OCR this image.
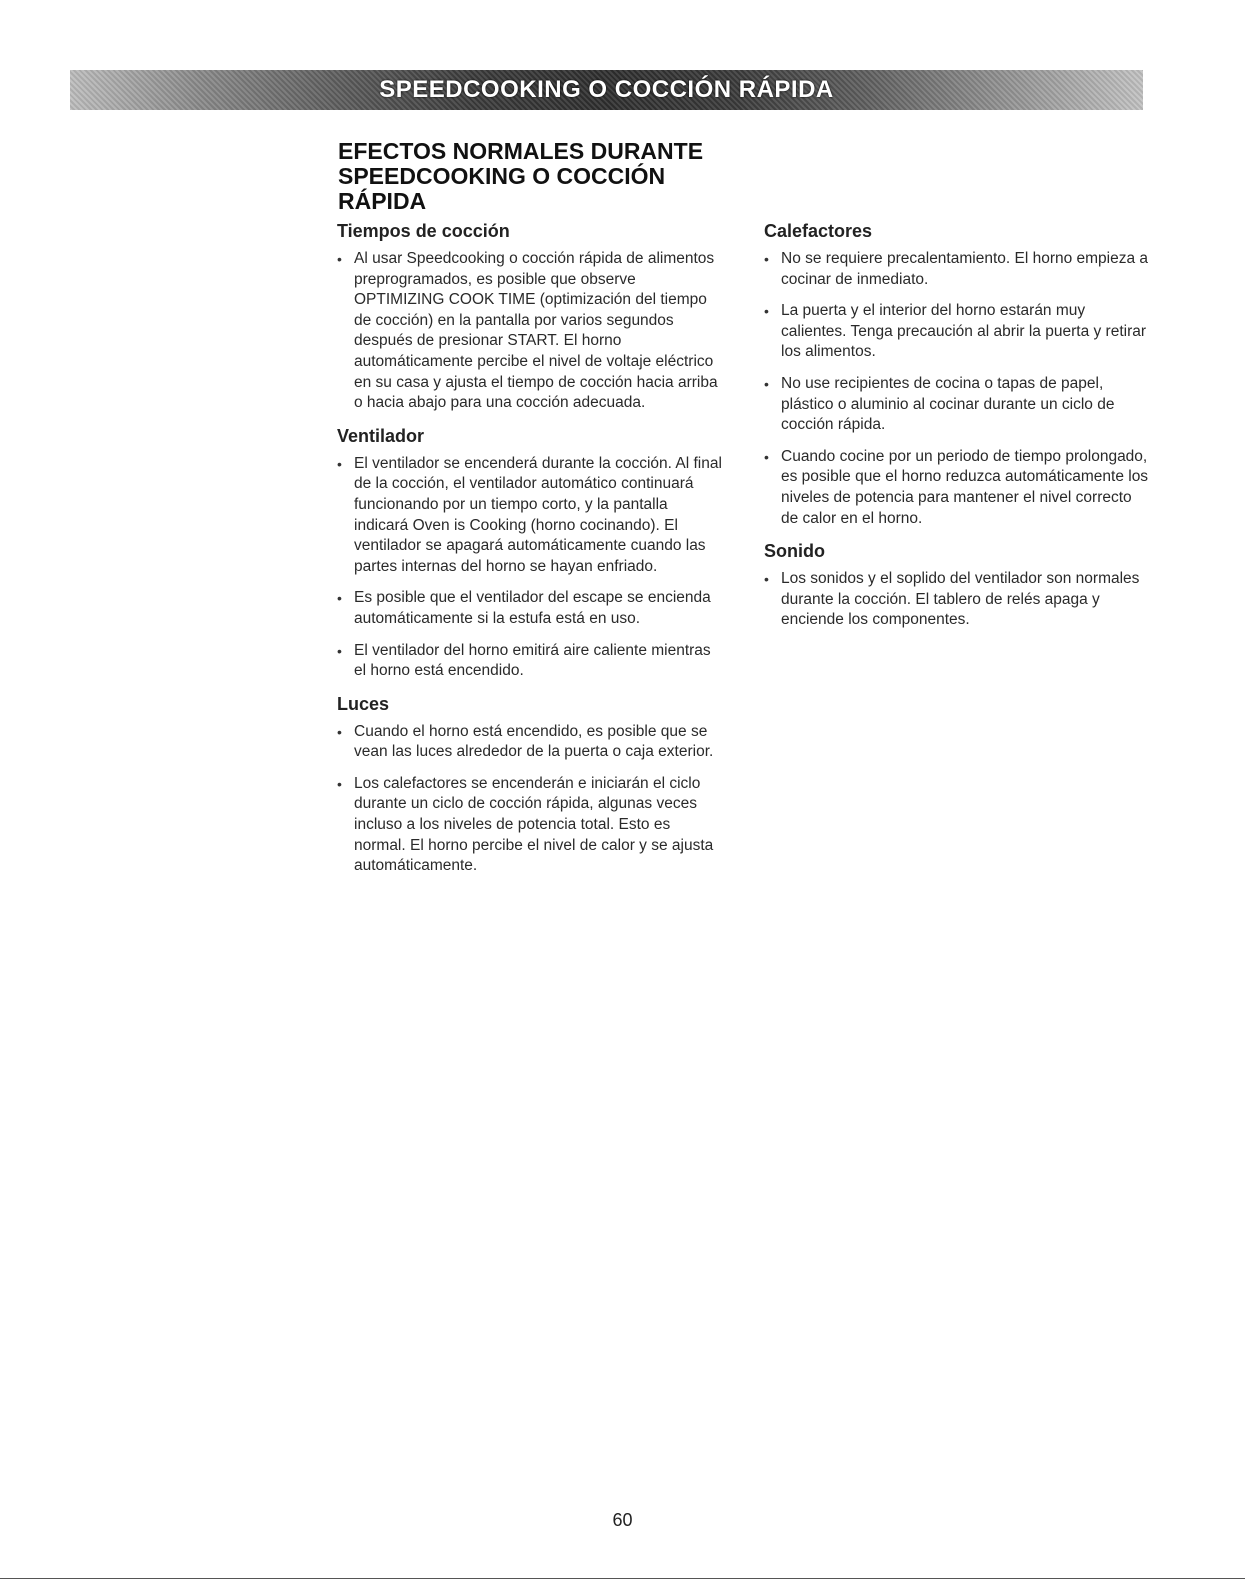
SPEEDCOOKING O COCCIÓN RÁPIDA
EFECTOS NORMALES DURANTE SPEEDCOOKING O COCCIÓN RÁPIDA
Tiempos de cocción
• Al usar Speedcooking o cocción rápida de alimentos preprogramados, es posible que observe OPTIMIZING COOK TIME (optimización del tiempo de cocción) en la pantalla por varios segundos después de presionar START. El horno automáticamente percibe el nivel de voltaje eléctrico en su casa y ajusta el tiempo de cocción hacia arriba o hacia abajo para una cocción adecuada.
Ventilador
• El ventilador se encenderá durante la cocción. Al final de la cocción, el ventilador automático continuará funcionando por un tiempo corto, y la pantalla indicará Oven is Cooking (horno cocinando). El ventilador se apagará automáticamente cuando las partes internas del horno se hayan enfriado.
• Es posible que el ventilador del escape se encienda automáticamente si la estufa está en uso.
• El ventilador del horno emitirá aire caliente mientras el horno está encendido.
Luces
• Cuando el horno está encendido, es posible que se vean las luces alrededor de la puerta o caja exterior.
• Los calefactores se encenderán e iniciarán el ciclo durante un ciclo de cocción rápida, algunas veces incluso a los niveles de potencia total. Esto es normal. El horno percibe el nivel de calor y se ajusta automáticamente.
Calefactores
• No se requiere precalentamiento. El horno empieza a cocinar de inmediato.
• La puerta y el interior del horno estarán muy calientes. Tenga precaución al abrir la puerta y retirar los alimentos.
• No use recipientes de cocina o tapas de papel, plástico o aluminio al cocinar durante un ciclo de cocción rápida.
• Cuando cocine por un periodo de tiempo prolongado, es posible que el horno reduzca automáticamente los niveles de potencia para mantener el nivel correcto de calor en el horno.
Sonido
• Los sonidos y el soplido del ventilador son normales durante la cocción. El tablero de relés apaga y enciende los componentes.
60
